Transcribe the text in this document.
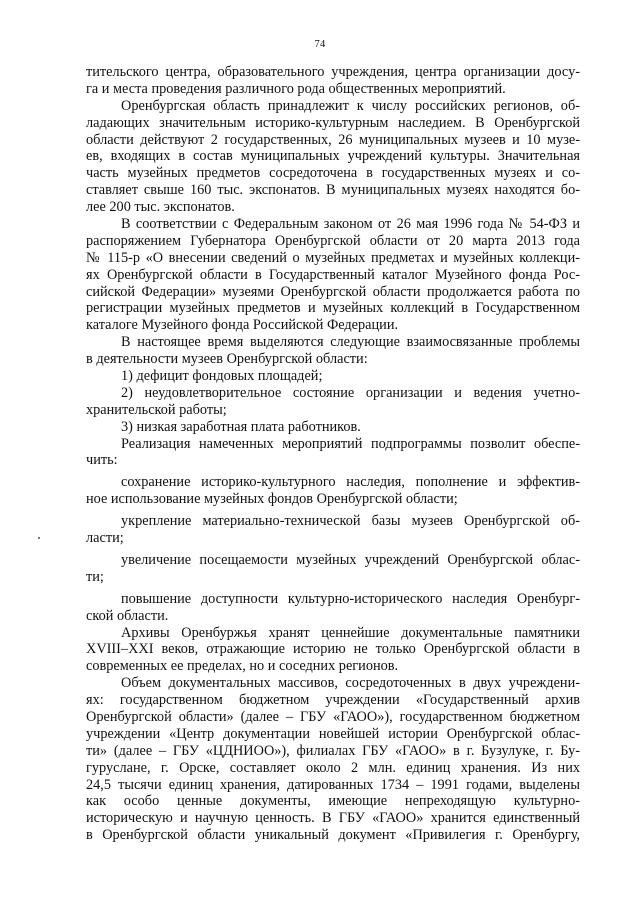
74
тительского центра, образовательного учреждения, центра организации досу-
га и места проведения различного рода общественных мероприятий.
Оренбургская область принадлежит к числу российских регионов, об-
ладающих значительным историко-культурным наследием. В Оренбургской
области действуют 2 государственных, 26 муниципальных музеев и 10 музе-
ев, входящих в состав муниципальных учреждений культуры. Значительная
часть музейных предметов сосредоточена в государственных музеях и со-
ставляет свыше 160 тыс. экспонатов. В муниципальных музеях находятся бо-
лее 200 тыс. экспонатов.
В соответствии с Федеральным законом от 26 мая 1996 года № 54-ФЗ и
распоряжением Губернатора Оренбургской области от 20 марта 2013 года
№ 115-р «О внесении сведений о музейных предметах и музейных коллекци-
ях Оренбургской области в Государственный каталог Музейного фонда Рос-
сийской Федерации» музеями Оренбургской области продолжается работа по
регистрации музейных предметов и музейных коллекций в Государственном
каталоге Музейного фонда Российской Федерации.
В настоящее время выделяются следующие взаимосвязанные проблемы
в деятельности музеев Оренбургской области:
1) дефицит фондовых площадей;
2) неудовлетворительное состояние организации и ведения учетно-
хранительской работы;
3) низкая заработная плата работников.
Реализация намеченных мероприятий подпрограммы позволит обеспе-
чить:
сохранение историко-культурного наследия, пополнение и эффектив-
ное использование музейных фондов Оренбургской области;
укрепление материально-технической базы музеев Оренбургской об-
ласти;
увеличение посещаемости музейных учреждений Оренбургской облас-
ти;
повышение доступности культурно-исторического наследия Оренбург-
ской области.
Архивы Оренбуржья хранят ценнейшие документальные памятники
XVIII–XXI веков, отражающие историю не только Оренбургской области в
современных ее пределах, но и соседних регионов.
Объем документальных массивов, сосредоточенных в двух учреждени-
ях: государственном бюджетном учреждении «Государственный архив
Оренбургской области» (далее – ГБУ «ГАОО»), государственном бюджетном
учреждении «Центр документации новейшей истории Оренбургской облас-
ти» (далее – ГБУ «ЦДНИОО»), филиалах ГБУ «ГАОО» в г. Бузулуке, г. Бу-
гуруслане, г. Орске, составляет около 2 млн. единиц хранения. Из них
24,5 тысячи единиц хранения, датированных 1734 – 1991 годами, выделены
как особо ценные документы, имеющие непреходящую культурно-
историческую и научную ценность. В ГБУ «ГАОО» хранится единственный
в Оренбургской области уникальный документ «Привилегия г. Оренбургу,
